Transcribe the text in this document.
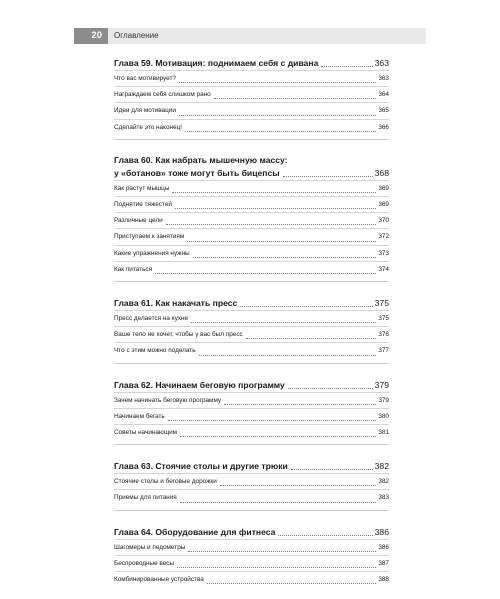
20	Оглавление
Глава 59. Мотивация: поднимаем себя с дивана	363
Что вас мотивирует?	363
Награждаем себя слишком рано	364
Идеи для мотивации	365
Сделайте это наконец!	366
Глава 60. Как набрать мышечную массу:
у «ботанов» тоже могут быть бицепсы	368
Как растут мышцы	369
Поднятие тяжестей	369
Различные цели	370
Приступаем к занятиям	372
Какие упражнения нужны	373
Как питаться	374
Глава 61. Как накачать пресс	375
Пресс делается на кухне	375
Ваше тело не хочет, чтобы у вас был пресс	376
Что с этим можно поделать	377
Глава 62. Начинаем беговую программу	379
Зачем начинать беговую программу	379
Начинаем бегать	380
Советы начинающим	381
Глава 63. Стоячие столы и другие трюки	382
Стоячие столы и беговые дорожки	382
Приемы для питания	383
Глава 64. Оборудование для фитнеса	386
Шагомеры и педометры	386
Беспроводные весы	387
Комбинированные устройства	388
